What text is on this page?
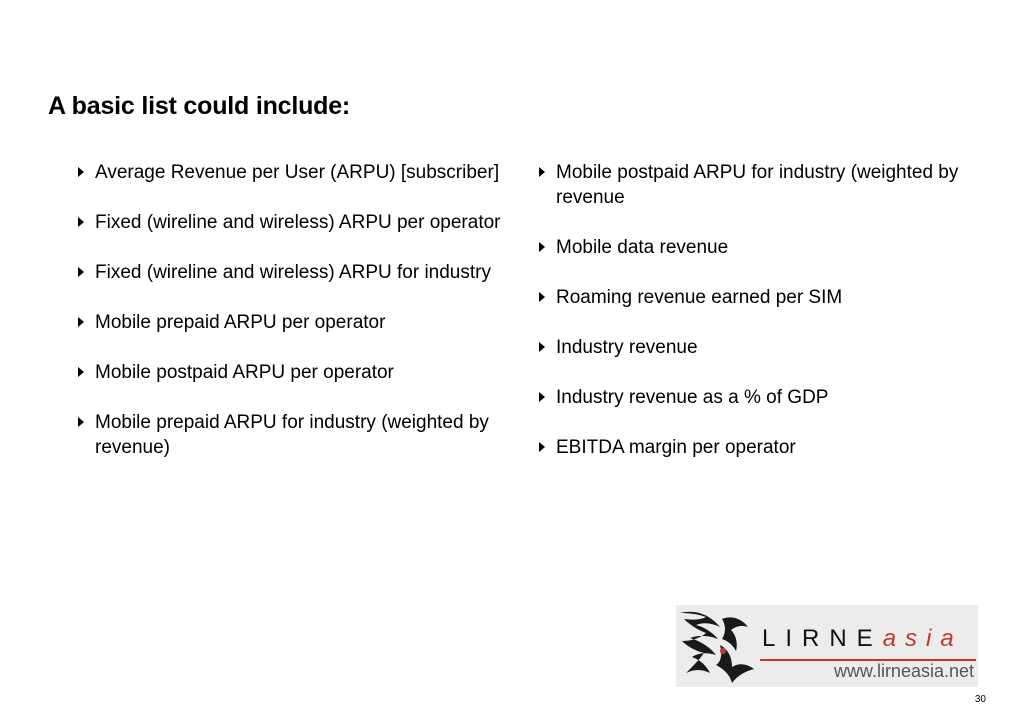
A basic list could include:
Average Revenue per User (ARPU) [subscriber]
Fixed (wireline and wireless) ARPU per operator
Fixed (wireline and wireless) ARPU for industry
Mobile prepaid ARPU per operator
Mobile postpaid ARPU per operator
Mobile prepaid ARPU for industry (weighted by revenue)
Mobile postpaid ARPU for industry (weighted by revenue
Mobile data revenue
Roaming revenue earned per SIM
Industry revenue
Industry revenue as a % of GDP
EBITDA margin per operator
LIRNEasia
www.lirneasia.net
30
